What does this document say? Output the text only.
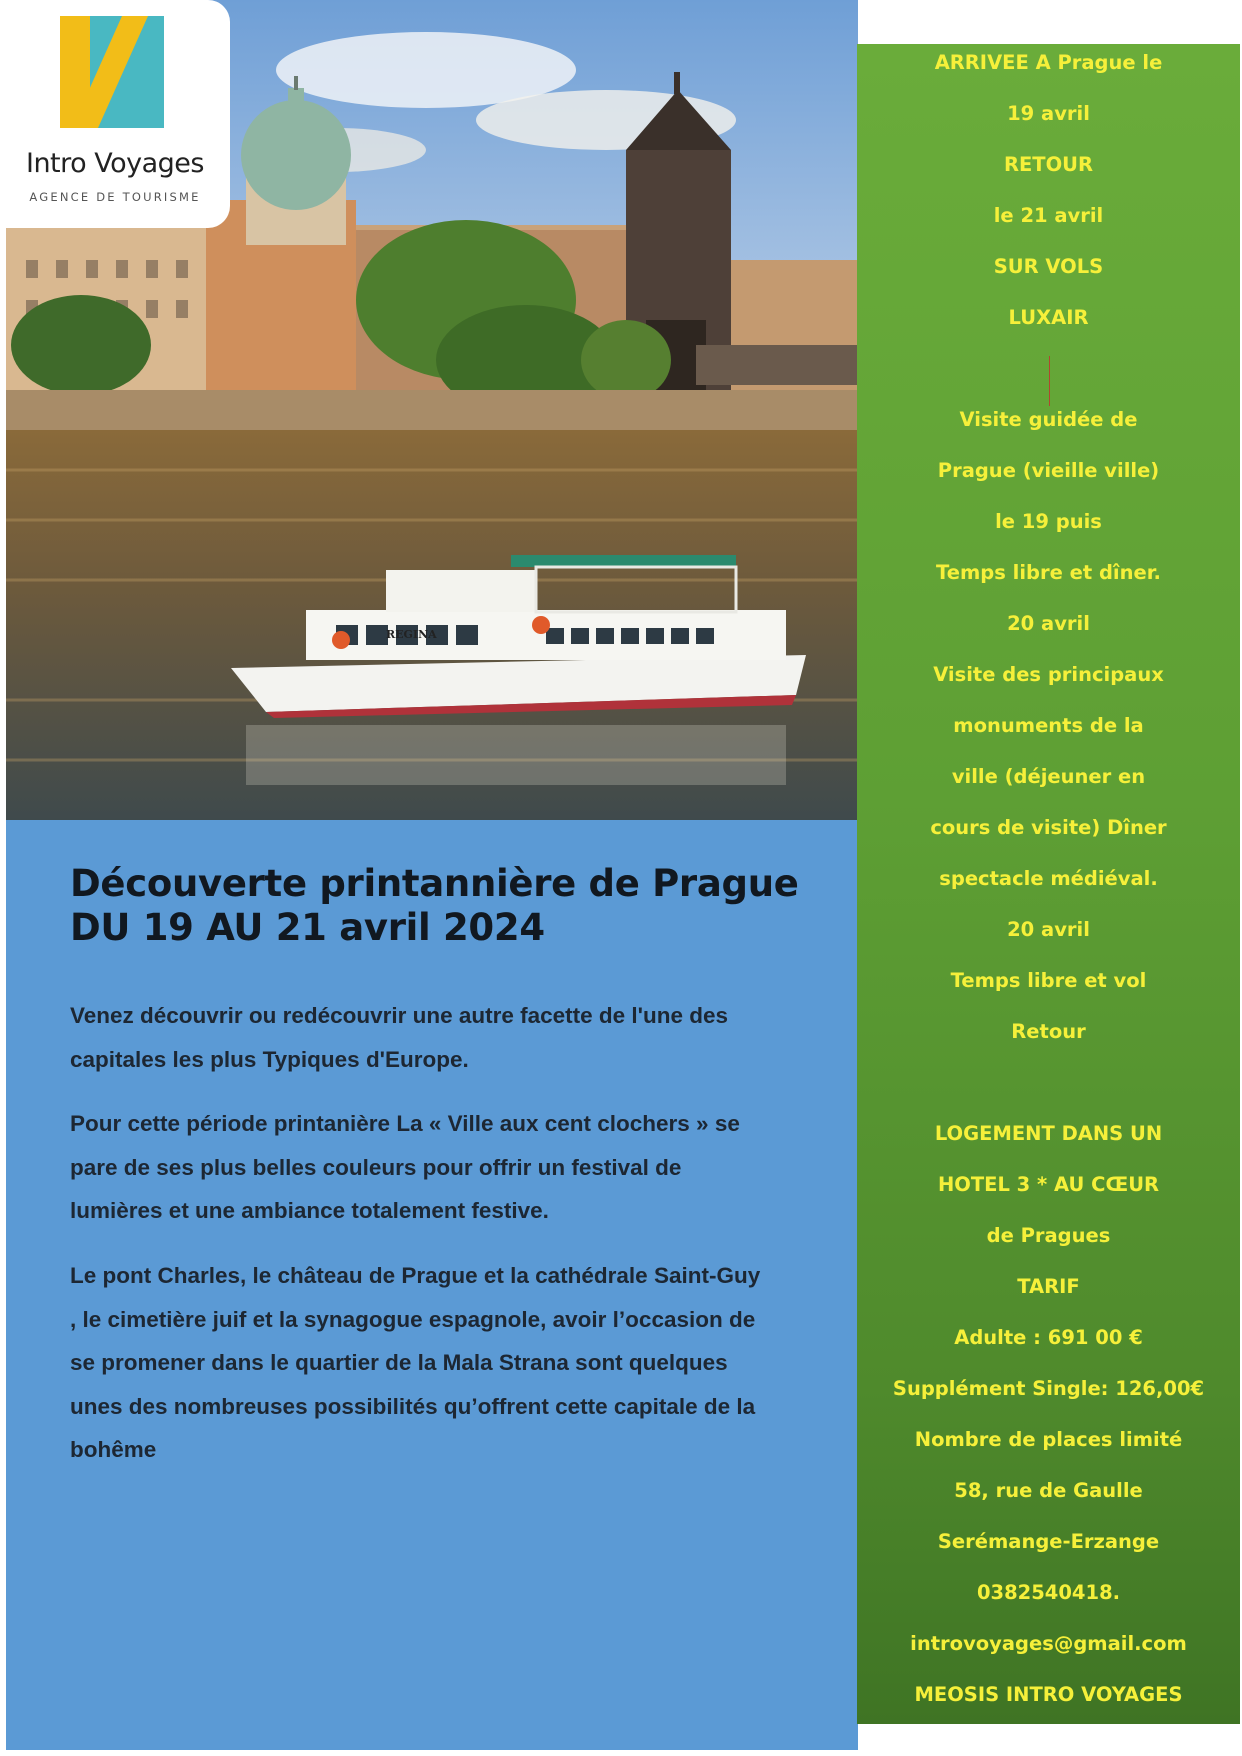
REGINA
Intro Voyages
AGENCE DE TOURISME
Découverte printannière de Prague
DU 19 AU 21 avril 2024

Venez découvrir ou redécouvrir une autre facette de l'une des capitales les plus Typiques d'Europe.

Pour cette période printanière La « Ville aux cent clochers » se pare de ses plus belles couleurs pour offrir un festival de lumières et une ambiance totalement festive.

Le pont Charles, le château de Prague et la cathédrale Saint-Guy , le cimetière juif et la synagogue espagnole, avoir l’occasion de se promener dans le quartier de la Mala Strana sont quelques unes des nombreuses possibilités qu’offrent cette capitale de la bohême

ARRIVEE A Prague le
19 avril
RETOUR
le 21 avril
SUR VOLS
LUXAIR
Visite guidée de
Prague (vieille ville)
le 19 puis
Temps libre et dîner.
20 avril
Visite des principaux
monuments de la
ville (déjeuner en
cours de visite) Dîner
spectacle médiéval.
20 avril
Temps libre et vol
Retour
LOGEMENT DANS UN
HOTEL 3 * AU CŒUR
de Pragues
TARIF
Adulte : 691 00 €
Supplément Single: 126,00€
Nombre de places limité
58, rue de Gaulle
Serémange-Erzange
0382540418.
introvoyages@gmail.com
MEOSIS INTRO VOYAGES
